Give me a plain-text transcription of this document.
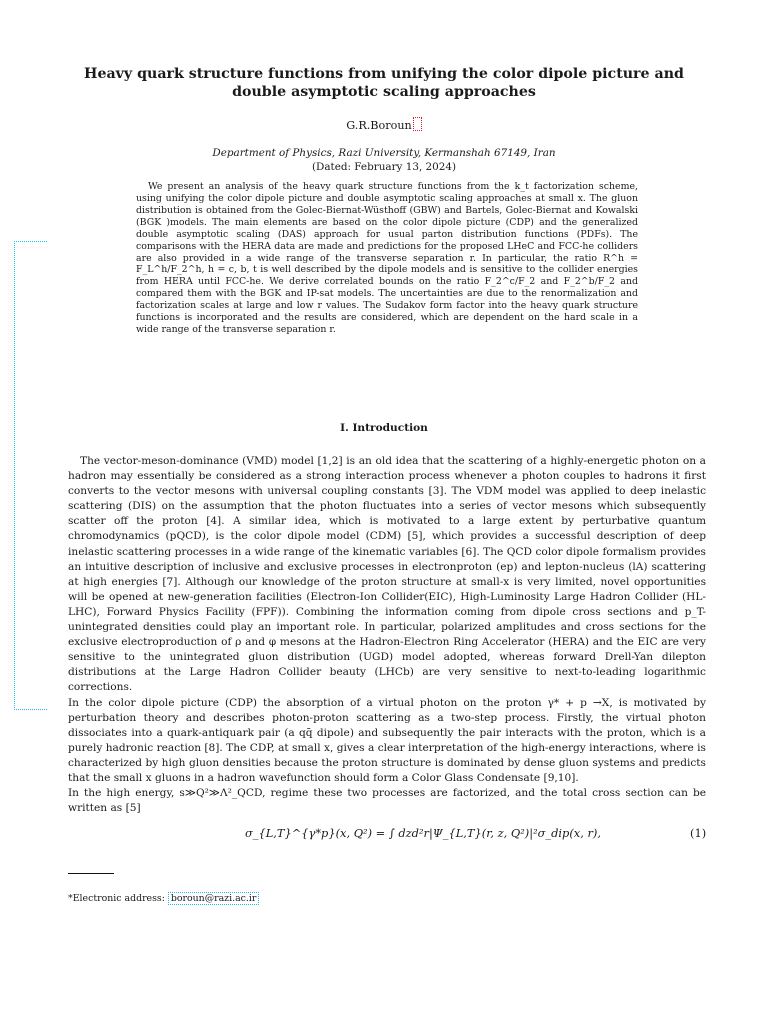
Heavy quark structure functions from unifying the color dipole picture and double asymptotic scaling approaches
G.R.Boroun
Department of Physics, Razi University, Kermanshah 67149, Iran
(Dated: February 13, 2024)

We present an analysis of the heavy quark structure functions from the k_t factorization scheme, using unifying the color dipole picture and double asymptotic scaling approaches at small x. The gluon distribution is obtained from the Golec-Biernat-Wüsthoff (GBW) and Bartels, Golec-Biernat and Kowalski (BGK )models. The main elements are based on the color dipole picture (CDP) and the generalized double asymptotic scaling (DAS) approach for usual parton distribution functions (PDFs). The comparisons with the HERA data are made and predictions for the proposed LHeC and FCC-he colliders are also provided in a wide range of the transverse separation r. In particular, the ratio R^h = F_L^h/F_2^h, h = c, b, t is well described by the dipole models and is sensitive to the collider energies from HERA until FCC-he. We derive correlated bounds on the ratio F_2^c/F_2 and F_2^b/F_2 and compared them with the BGK and IP-sat models. The uncertainties are due to the renormalization and factorization scales at large and low r values. The Sudakov form factor into the heavy quark structure functions is incorporated and the results are considered, which are dependent on the hard scale in a wide range of the transverse separation r.

I. Introduction

The vector-meson-dominance (VMD) model [1,2] is an old idea that the scattering of a highly-energetic photon on a hadron may essentially be considered as a strong interaction process whenever a photon couples to hadrons it first converts to the vector mesons with universal coupling constants [3]. The VDM model was applied to deep inelastic scattering (DIS) on the assumption that the photon fluctuates into a series of vector mesons which subsequently scatter off the proton [4]. A similar idea, which is motivated to a large extent by perturbative quantum chromodynamics (pQCD), is the color dipole model (CDM) [5], which provides a successful description of deep inelastic scattering processes in a wide range of the kinematic variables [6]. The QCD color dipole formalism provides an intuitive description of inclusive and exclusive processes in electronproton (ep) and lepton-nucleus (lA) scattering at high energies [7]. Although our knowledge of the proton structure at small-x is very limited, novel opportunities will be opened at new-generation facilities (Electron-Ion Collider(EIC), High-Luminosity Large Hadron Collider (HL-LHC), Forward Physics Facility (FPF)). Combining the information coming from dipole cross sections and p_T-unintegrated densities could play an important role. In particular, polarized amplitudes and cross sections for the exclusive electroproduction of ρ and φ mesons at the Hadron-Electron Ring Accelerator (HERA) and the EIC are very sensitive to the unintegrated gluon distribution (UGD) model adopted, whereas forward Drell-Yan dilepton distributions at the Large Hadron Collider beauty (LHCb) are very sensitive to next-to-leading logarithmic corrections.

In the color dipole picture (CDP) the absorption of a virtual photon on the proton γ* + p →X, is motivated by perturbation theory and describes photon-proton scattering as a two-step process. Firstly, the virtual photon dissociates into a quark-antiquark pair (a qq̄ dipole) and subsequently the pair interacts with the proton, which is a purely hadronic reaction [8]. The CDP, at small x, gives a clear interpretation of the high-energy interactions, where is characterized by high gluon densities because the proton structure is dominated by dense gluon systems and predicts that the small x gluons in a hadron wavefunction should form a Color Glass Condensate [9,10].

In the high energy, s≫Q²≫Λ²_QCD, regime these two processes are factorized, and the total cross section can be written as [5]

σ_{L,T}^{γ*p}(x, Q²) = ∫ dzd²r|Ψ_{L,T}(r, z, Q²)|²σ_dip(x, r),	(1)
*Electronic address: boroun@razi.ac.ir
